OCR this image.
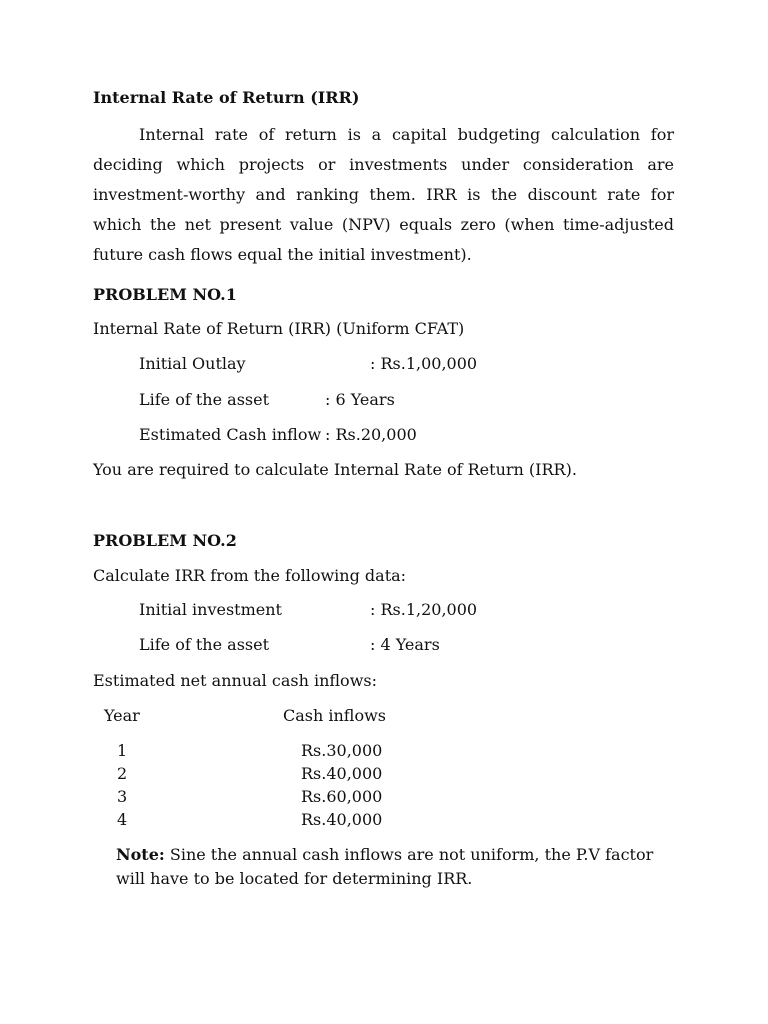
Internal Rate of Return (IRR)
Internal rate of return is a capital budgeting calculation for deciding which projects or investments under consideration are investment-worthy and ranking them. IRR is the discount rate for which the net present value (NPV) equals zero (when time-adjusted future cash flows equal the initial investment).
PROBLEM NO.1
Internal Rate of Return (IRR) (Uniform CFAT)
Initial Outlay	: Rs.1,00,000
Life of the asset	: 6 Years
Estimated Cash inflow : Rs.20,000
You are required to calculate Internal Rate of Return (IRR).
PROBLEM NO.2
Calculate IRR from the following data:
Initial investment	: Rs.1,20,000
Life of the asset	: 4 Years
Estimated net annual cash inflows:
Year	Cash inflows
1	Rs.30,000
2	Rs.40,000
3	Rs.60,000
4	Rs.40,000
Note: Sine the annual cash inflows are not uniform, the P.V factor will have to be located for determining IRR.
